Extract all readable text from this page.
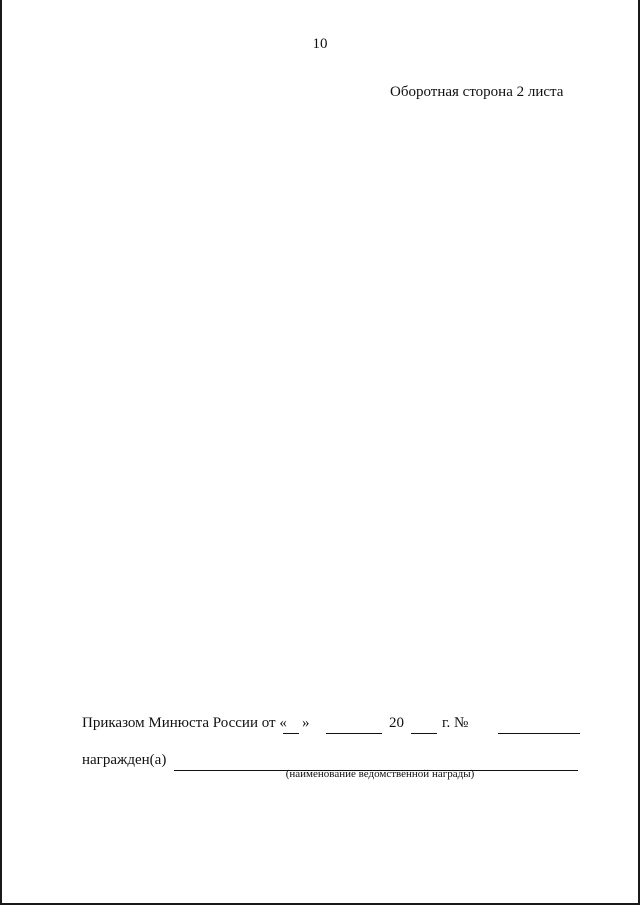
10
Оборотная сторона 2 листа
Приказом Минюста России от « »	20	г. №
награжден(а)
(наименование ведомственной награды)
